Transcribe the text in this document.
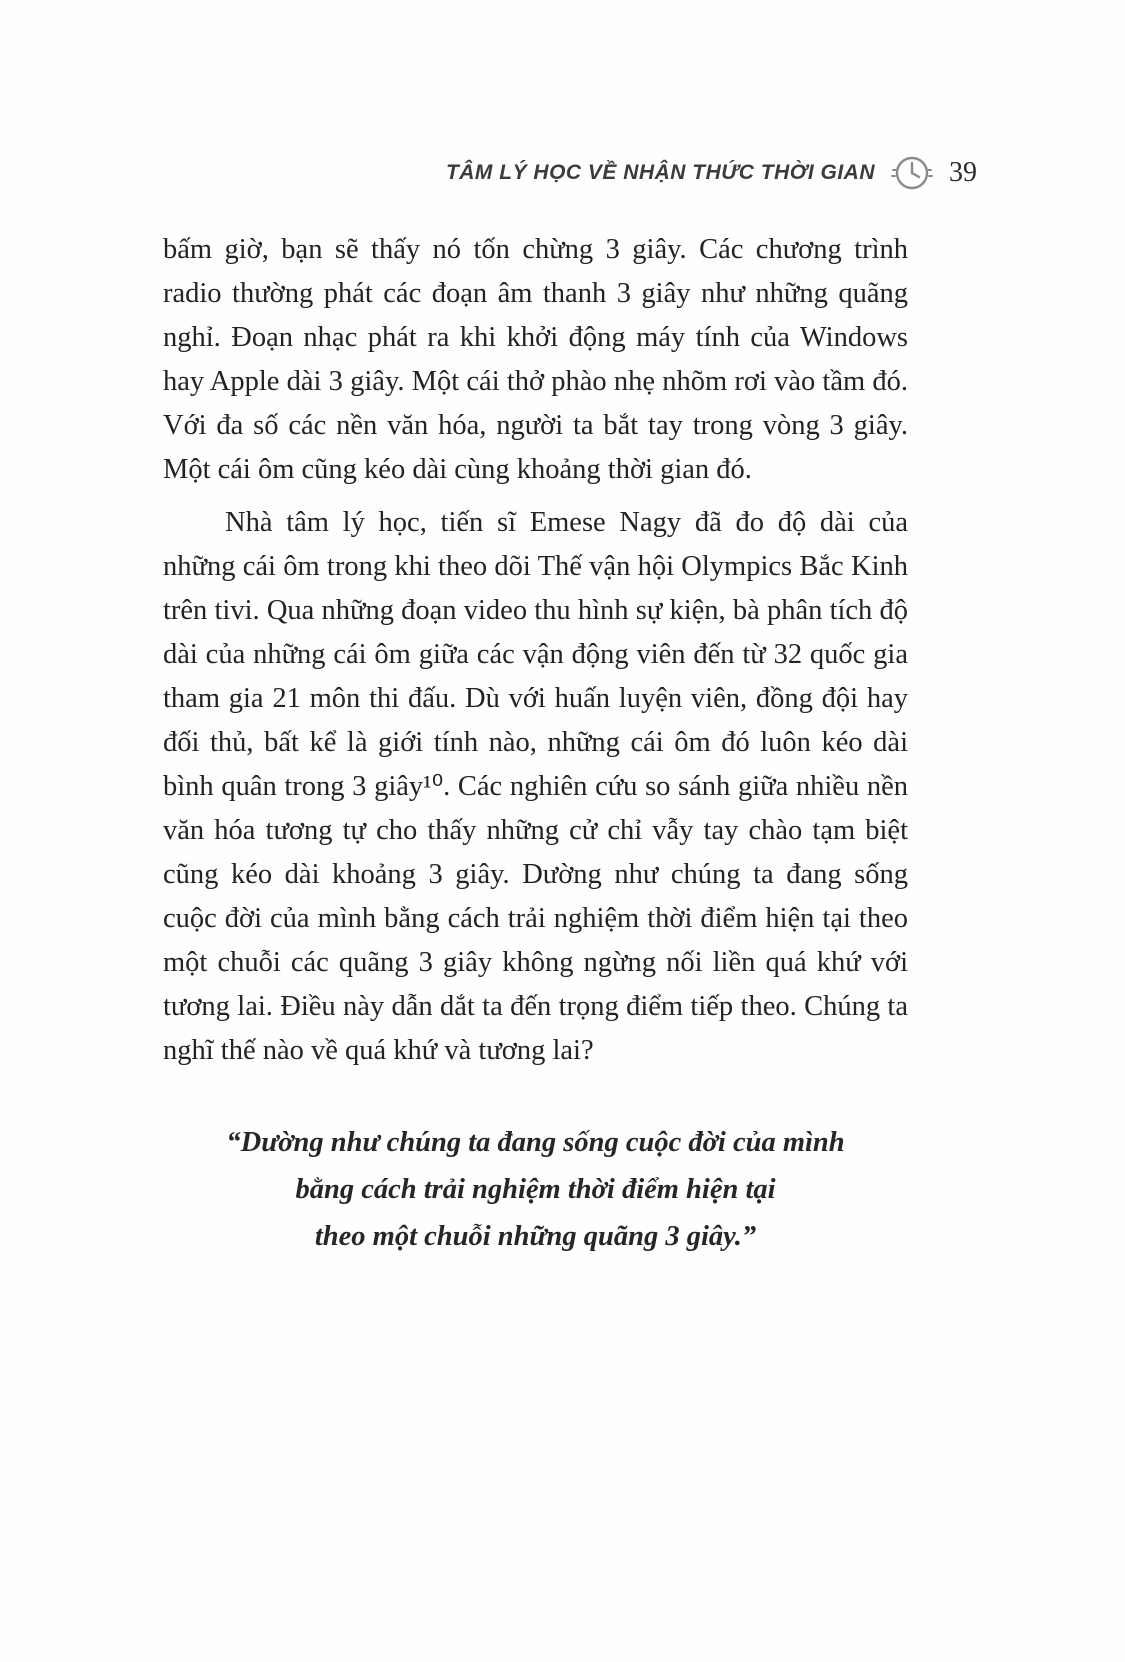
TÂM LÝ HỌC VỀ NHẬN THỨC THỜI GIAN	39

bấm giờ, bạn sẽ thấy nó tốn chừng 3 giây. Các chương trình radio thường phát các đoạn âm thanh 3 giây như những quãng nghỉ. Đoạn nhạc phát ra khi khởi động máy tính của Windows hay Apple dài 3 giây. Một cái thở phào nhẹ nhõm rơi vào tầm đó. Với đa số các nền văn hóa, người ta bắt tay trong vòng 3 giây. Một cái ôm cũng kéo dài cùng khoảng thời gian đó.

Nhà tâm lý học, tiến sĩ Emese Nagy đã đo độ dài của những cái ôm trong khi theo dõi Thế vận hội Olympics Bắc Kinh trên tivi. Qua những đoạn video thu hình sự kiện, bà phân tích độ dài của những cái ôm giữa các vận động viên đến từ 32 quốc gia tham gia 21 môn thi đấu. Dù với huấn luyện viên, đồng đội hay đối thủ, bất kể là giới tính nào, những cái ôm đó luôn kéo dài bình quân trong 3 giây¹⁰. Các nghiên cứu so sánh giữa nhiều nền văn hóa tương tự cho thấy những cử chỉ vẫy tay chào tạm biệt cũng kéo dài khoảng 3 giây. Dường như chúng ta đang sống cuộc đời của mình bằng cách trải nghiệm thời điểm hiện tại theo một chuỗi các quãng 3 giây không ngừng nối liền quá khứ với tương lai. Điều này dẫn dắt ta đến trọng điểm tiếp theo. Chúng ta nghĩ thế nào về quá khứ và tương lai?

“Dường như chúng ta đang sống cuộc đời của mình
bằng cách trải nghiệm thời điểm hiện tại
theo một chuỗi những quãng 3 giây.”
